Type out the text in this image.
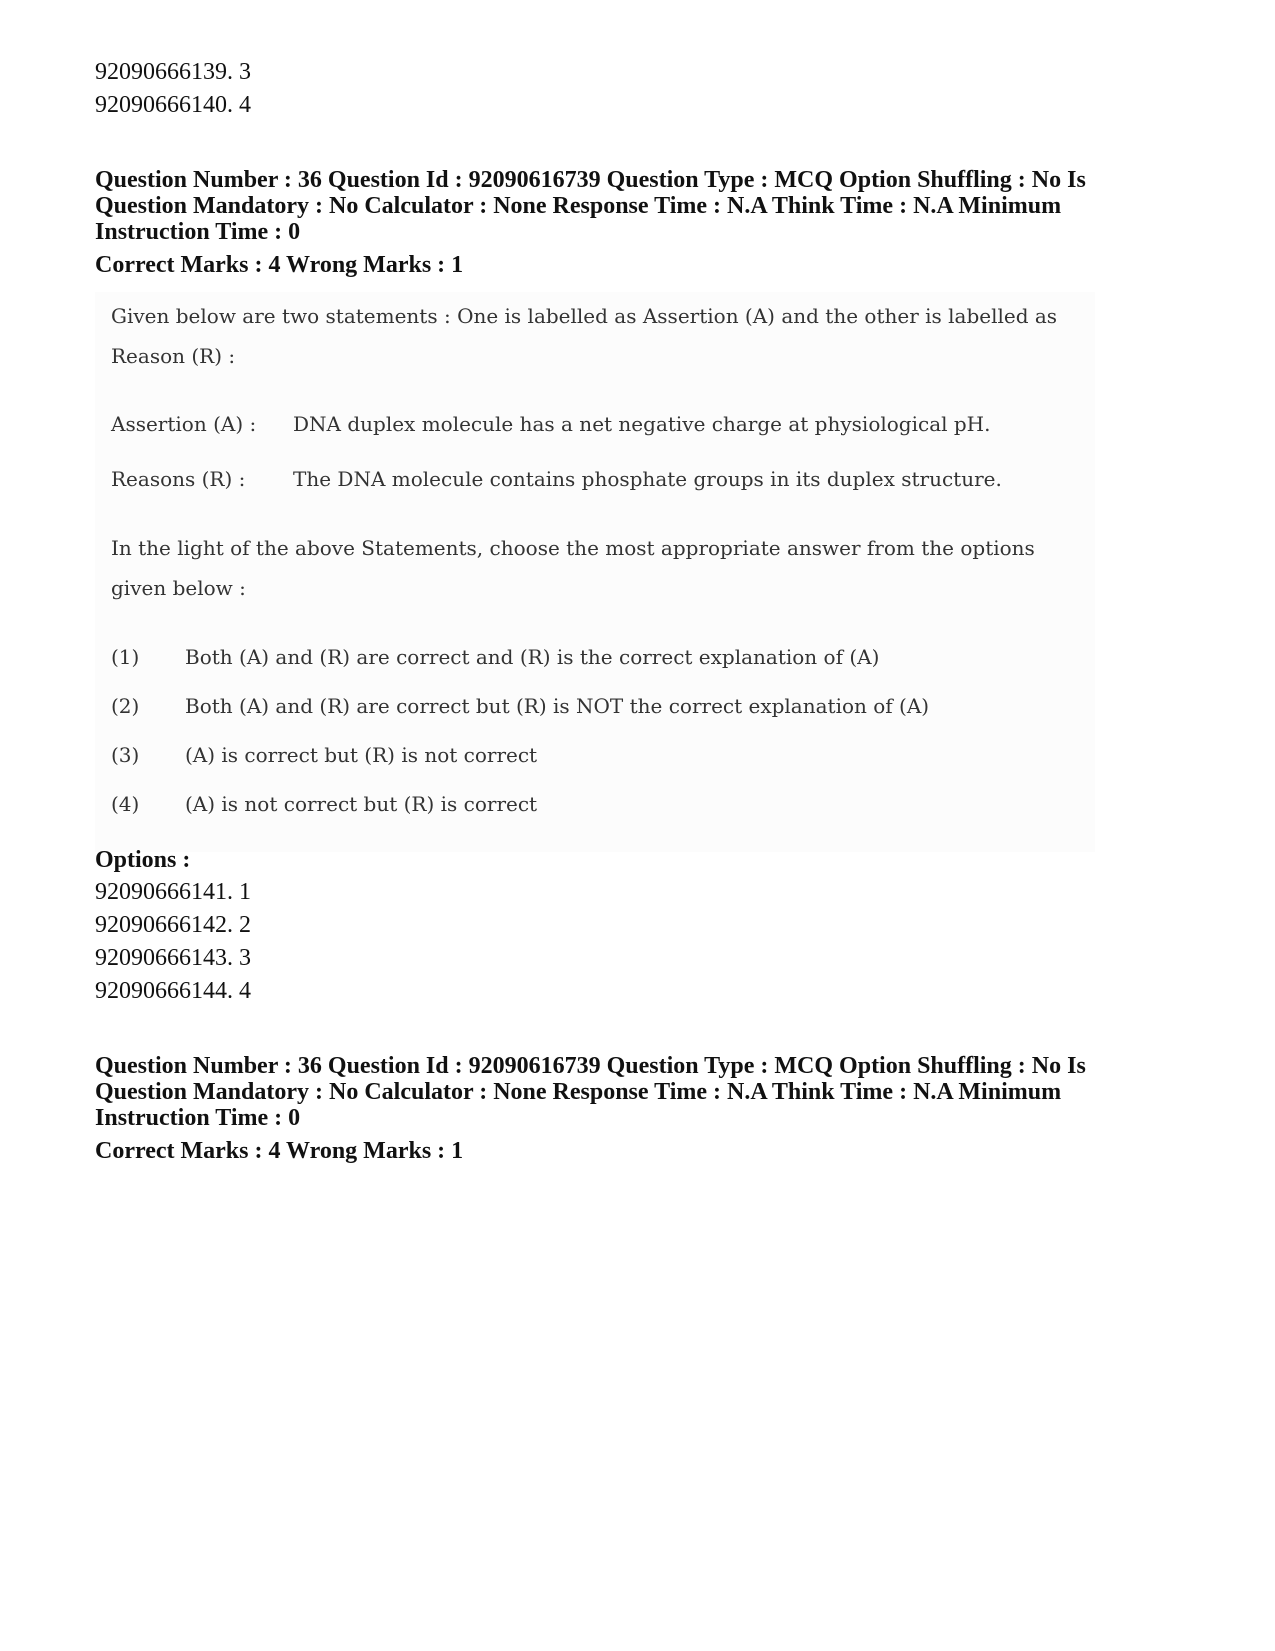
92090666139. 3
92090666140. 4
Question Number : 36 Question Id : 92090616739 Question Type : MCQ Option Shuffling : No Is
Question Mandatory : No Calculator : None Response Time : N.A Think Time : N.A Minimum
Instruction Time : 0
Correct Marks : 4 Wrong Marks : 1
Given below are two statements : One is labelled as Assertion (A) and the other is labelled as
Reason (R) :
Assertion (A) : DNA duplex molecule has a net negative charge at physiological pH.
Reasons (R) : The DNA molecule contains phosphate groups in its duplex structure.
In the light of the above Statements, choose the most appropriate answer from the options
given below :
(1) Both (A) and (R) are correct and (R) is the correct explanation of (A)
(2) Both (A) and (R) are correct but (R) is NOT the correct explanation of (A)
(3) (A) is correct but (R) is not correct
(4) (A) is not correct but (R) is correct
Options :
92090666141. 1
92090666142. 2
92090666143. 3
92090666144. 4
Question Number : 36 Question Id : 92090616739 Question Type : MCQ Option Shuffling : No Is
Question Mandatory : No Calculator : None Response Time : N.A Think Time : N.A Minimum
Instruction Time : 0
Correct Marks : 4 Wrong Marks : 1
